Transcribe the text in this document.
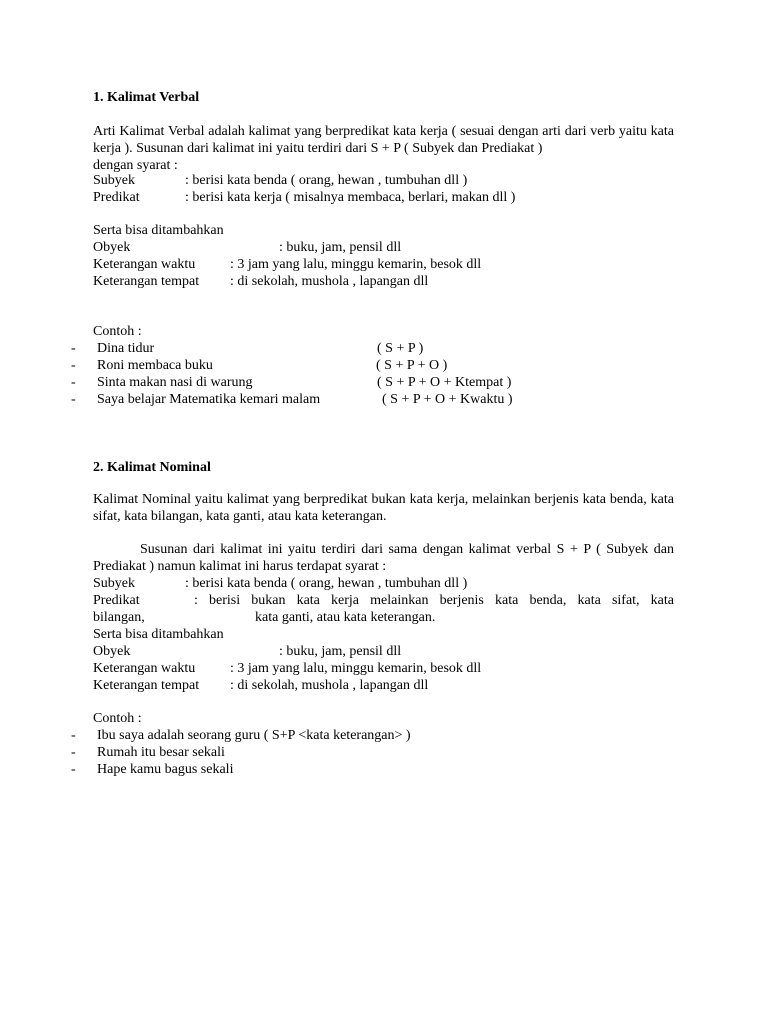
1. Kalimat Verbal
Arti Kalimat Verbal adalah kalimat yang berpredikat kata kerja ( sesuai dengan arti dari verb yaitu kata kerja ). Susunan dari kalimat ini yaitu terdiri dari S + P ( Subyek dan Prediakat )
dengan syarat :
Subyek	: berisi kata benda ( orang, hewan , tumbuhan dll )
Predikat	: berisi kata kerja ( misalnya membaca, berlari, makan dll )
Serta bisa ditambahkan
Obyek	: buku, jam, pensil dll
Keterangan waktu : 3 jam yang lalu, minggu kemarin, besok dll
Keterangan tempat : di sekolah, mushola , lapangan dll
Contoh :
- Dina tidur	( S + P )
- Roni membaca buku	( S + P + O )
- Sinta makan nasi di warung	( S + P + O + Ktempat )
- Saya belajar Matematika kemari malam	( S + P + O + Kwaktu )
2. Kalimat Nominal
Kalimat Nominal yaitu kalimat yang berpredikat bukan kata kerja, melainkan berjenis kata benda, kata sifat, kata bilangan, kata ganti, atau kata keterangan.
Susunan dari kalimat ini yaitu terdiri dari sama dengan kalimat verbal S + P ( Subyek dan Prediakat ) namun kalimat ini harus terdapat syarat :
Subyek	: berisi kata benda ( orang, hewan , tumbuhan dll )
Predikat	: berisi bukan kata kerja melainkan berjenis kata benda, kata sifat, kata
bilangan,	kata ganti, atau kata keterangan.
Serta bisa ditambahkan
Obyek	: buku, jam, pensil dll
Keterangan waktu : 3 jam yang lalu, minggu kemarin, besok dll
Keterangan tempat : di sekolah, mushola , lapangan dll
Contoh :
- Ibu saya adalah seorang guru ( S+P <kata keterangan> )
- Rumah itu besar sekali
- Hape kamu bagus sekali
